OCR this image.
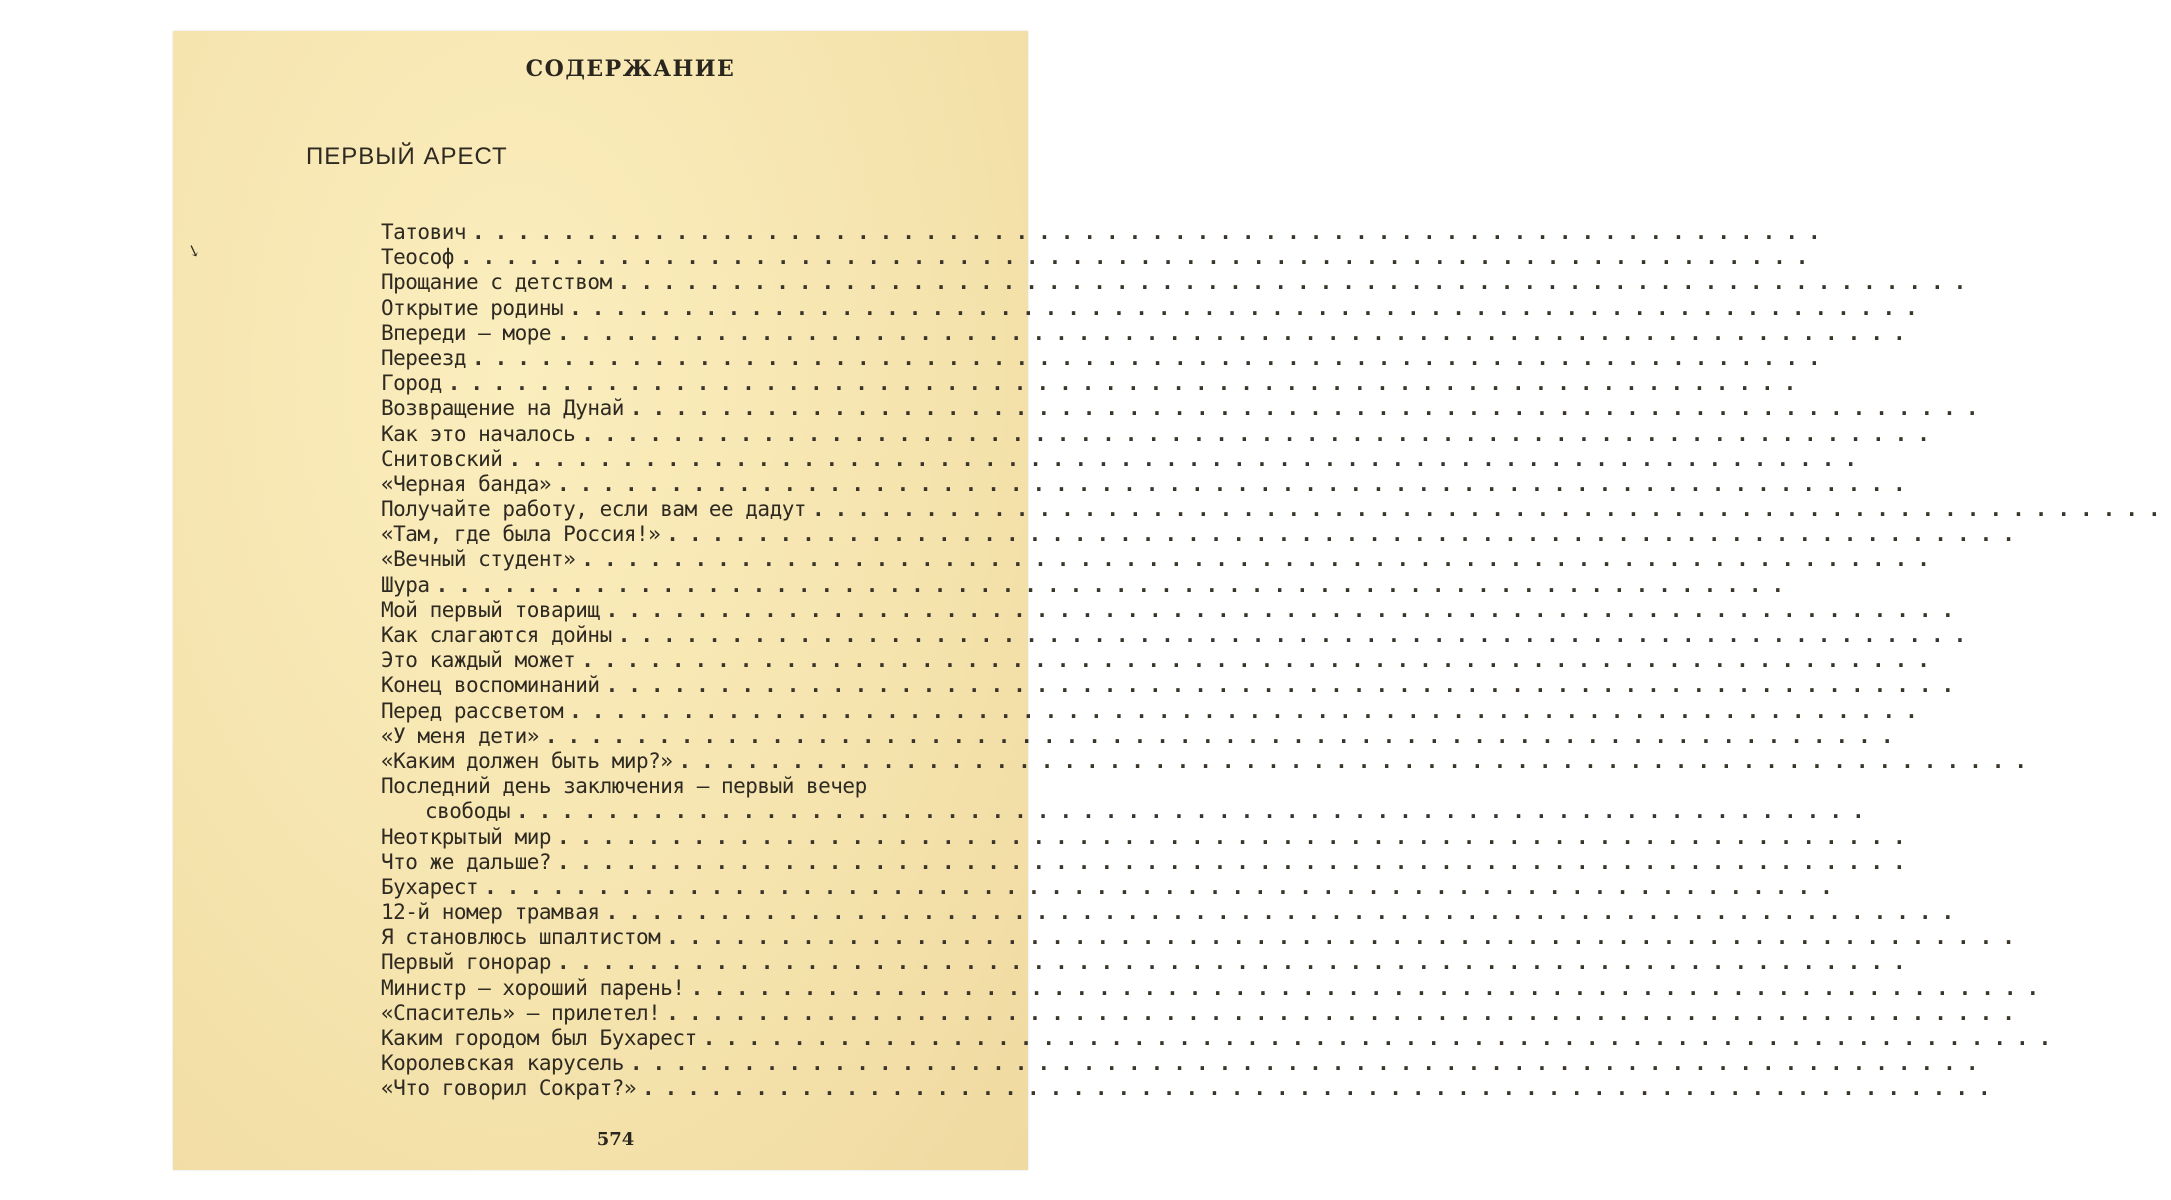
↘
СОДЕРЖАНИЕ
ПЕРВЫЙ АРЕСТ
Татович ............................................................
Теософ ............................................................
Прощание с детством ............................................................
Открытие родины ............................................................
Впереди — море ............................................................
Переезд ............................................................
Город ............................................................
Возвращение на Дунай ............................................................
Как это началось ............................................................
Снитовский ............................................................
«Черная банда» ............................................................
Получайте работу, если вам ее дадут ............................................................
«Там, где была Россия!» ............................................................
«Вечный студент» ............................................................
Шура ............................................................
Мой первый товарищ ............................................................
Как слагаются дойны ............................................................
Это каждый может ............................................................
Конец воспоминаний ............................................................
Перед рассветом ............................................................
«У меня дети» ............................................................
«Каким должен быть мир?» ............................................................
Последний день заключения — первый вечер
свободы ............................................................
Неоткрытый мир ............................................................
Что же дальше? ............................................................
Бухарест ............................................................
12-й номер трамвая ............................................................
Я становлюсь шпалтистом ............................................................
Первый гонорар ............................................................
Министр — хороший парень! ............................................................
«Спаситель» — прилетел! ............................................................
Каким городом был Бухарест ............................................................
Королевская карусель ............................................................
«Что говорил Сократ?» ............................................................
574
